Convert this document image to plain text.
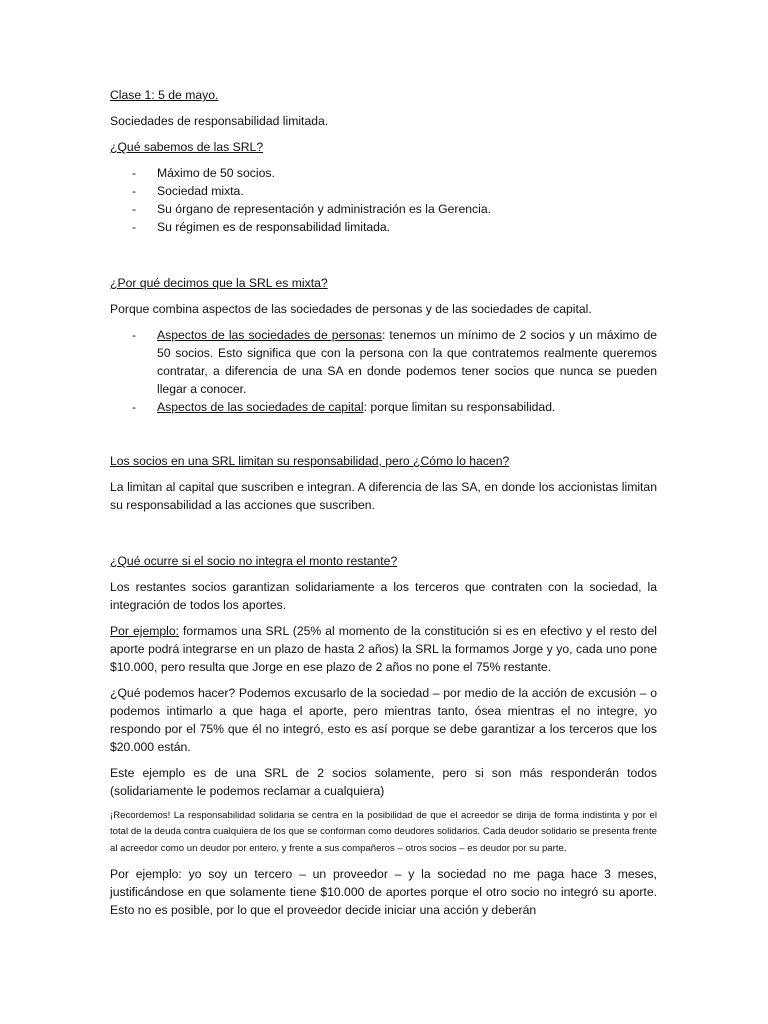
Clase 1: 5 de mayo.

Sociedades de responsabilidad limitada.

¿Qué sabemos de las SRL?

- Máximo de 50 socios.
- Sociedad mixta.
- Su órgano de representación y administración es la Gerencia.
- Su régimen es de responsabilidad limitada.

¿Por qué decimos que la SRL es mixta?

Porque combina aspectos de las sociedades de personas y de las sociedades de capital.

- Aspectos de las sociedades de personas: tenemos un mínimo de 2 socios y un máximo de 50 socios. Esto significa que con la persona con la que contratemos realmente queremos contratar, a diferencia de una SA en donde podemos tener socios que nunca se pueden llegar a conocer.
- Aspectos de las sociedades de capital: porque limitan su responsabilidad.

Los socios en una SRL limitan su responsabilidad, pero ¿Cómo lo hacen?

La limitan al capital que suscriben e integran. A diferencia de las SA, en donde los accionistas limitan su responsabilidad a las acciones que suscriben.

¿Qué ocurre si el socio no integra el monto restante?

Los restantes socios garantizan solidariamente a los terceros que contraten con la sociedad, la integración de todos los aportes.

Por ejemplo: formamos una SRL (25% al momento de la constitución si es en efectivo y el resto del aporte podrá integrarse en un plazo de hasta 2 años) la SRL la formamos Jorge y yo, cada uno pone $10.000, pero resulta que Jorge en ese plazo de 2 años no pone el 75% restante.

¿Qué podemos hacer? Podemos excusarlo de la sociedad – por medio de la acción de excusión – o podemos intimarlo a que haga el aporte, pero mientras tanto, ósea mientras el no integre, yo respondo por el 75% que él no integró, esto es así porque se debe garantizar a los terceros que los $20.000 están.

Este ejemplo es de una SRL de 2 socios solamente, pero si son más responderán todos (solidariamente le podemos reclamar a cualquiera)

¡Recordemos! La responsabilidad solidaria se centra en la posibilidad de que el acreedor se dirija de forma indistinta y por el total de la deuda contra cualquiera de los que se conforman como deudores solidarios. Cada deudor solidario se presenta frente al acreedor como un deudor por entero, y frente a sus compañeros – otros socios – es deudor por su parte.

Por ejemplo: yo soy un tercero – un proveedor – y la sociedad no me paga hace 3 meses, justificándose en que solamente tiene $10.000 de aportes porque el otro socio no integró su aporte. Esto no es posible, por lo que el proveedor decide iniciar una acción y deberán
